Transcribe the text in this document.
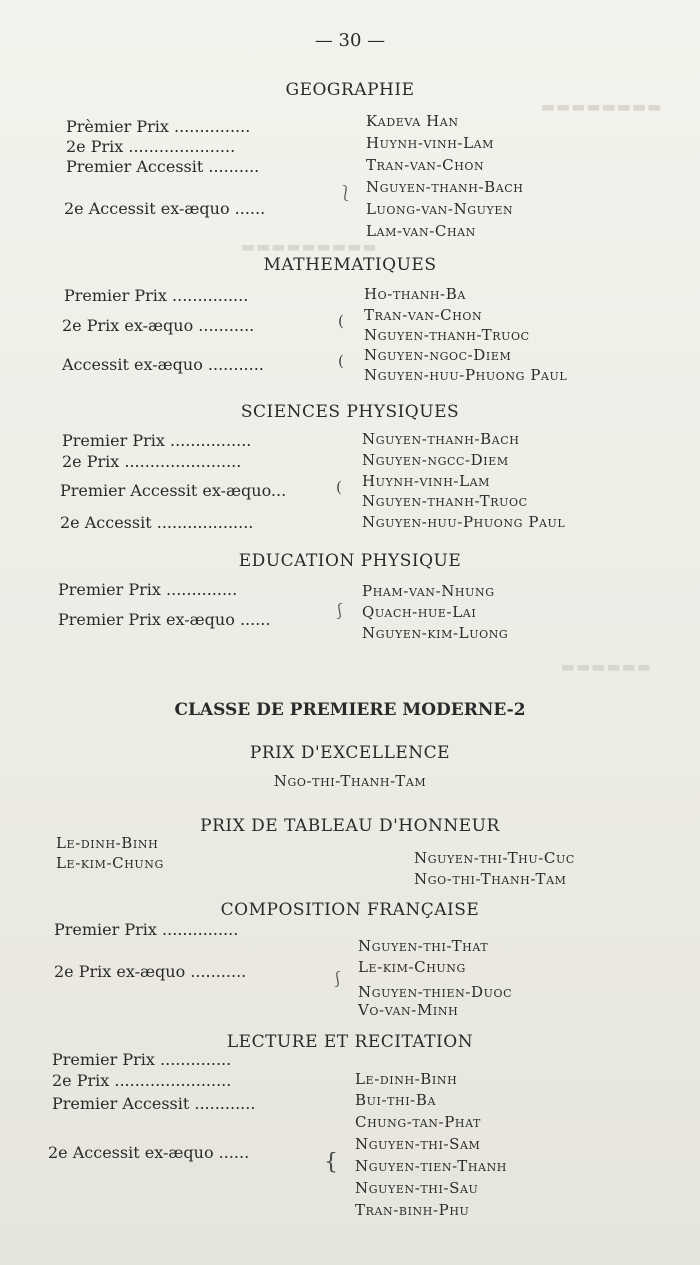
▬▬▬▬▬▬▬▬
▬▬▬▬▬▬▬▬▬
▬▬▬▬▬▬
— 30 —
GEOGRAPHIE
Prèmier Prix ...............
2e Prix .....................
Premier Accessit ..........
2e Accessit ex-æquo ......
Kadeva Han
Huynh-vinh-Lam
Tran-van-Chon
Nguyen-thanh-Bach
Luong-van-Nguyen
Lam-van-Chan
⎱
MATHEMATIQUES
Premier Prix ...............
2e Prix ex-æquo ...........
Accessit ex-æquo ...........
Ho-thanh-Ba
Tran-van-Chon
Nguyen-thanh-Truoc
Nguyen-ngoc-Diem
Nguyen-huu-Phuong Paul
(
(
SCIENCES PHYSIQUES
Premier Prix ................
2e Prix .......................
Premier Accessit ex-æquo...
2e Accessit ...................
Nguyen-thanh-Bach
Nguyen-ngcc-Diem
Huynh-vinh-Lam
Nguyen-thanh-Truoc
Nguyen-huu-Phuong Paul
(
EDUCATION PHYSIQUE
Premier Prix ..............
Premier Prix ex-æquo ......
Pham-van-Nhung
Quach-hue-Lai
Nguyen-kim-Luong
⎰
CLASSE DE PREMIERE MODERNE-2
PRIX D'EXCELLENCE
Ngo-thi-Thanh-Tam
PRIX DE TABLEAU D'HONNEUR
Le-dinh-Binh
Le-kim-Chung	Nguyen-thi-Thu-Cuc
Ngo-thi-Thanh-Tam
COMPOSITION FRANÇAISE
Premier Prix ...............
2e Prix ex-æquo ...........
Nguyen-thi-That
Le-kim-Chung
Nguyen-thien-Duoc
Vo-van-Minh
⎰
LECTURE ET RECITATION
Premier Prix ..............
2e Prix .......................
Premier Accessit ............
2e Accessit ex-æquo ......
Le-dinh-Binh
Bui-thi-Ba
Chung-tan-Phat
Nguyen-thi-Sam
Nguyen-tien-Thanh
Nguyen-thi-Sau
Tran-binh-Phu
{
